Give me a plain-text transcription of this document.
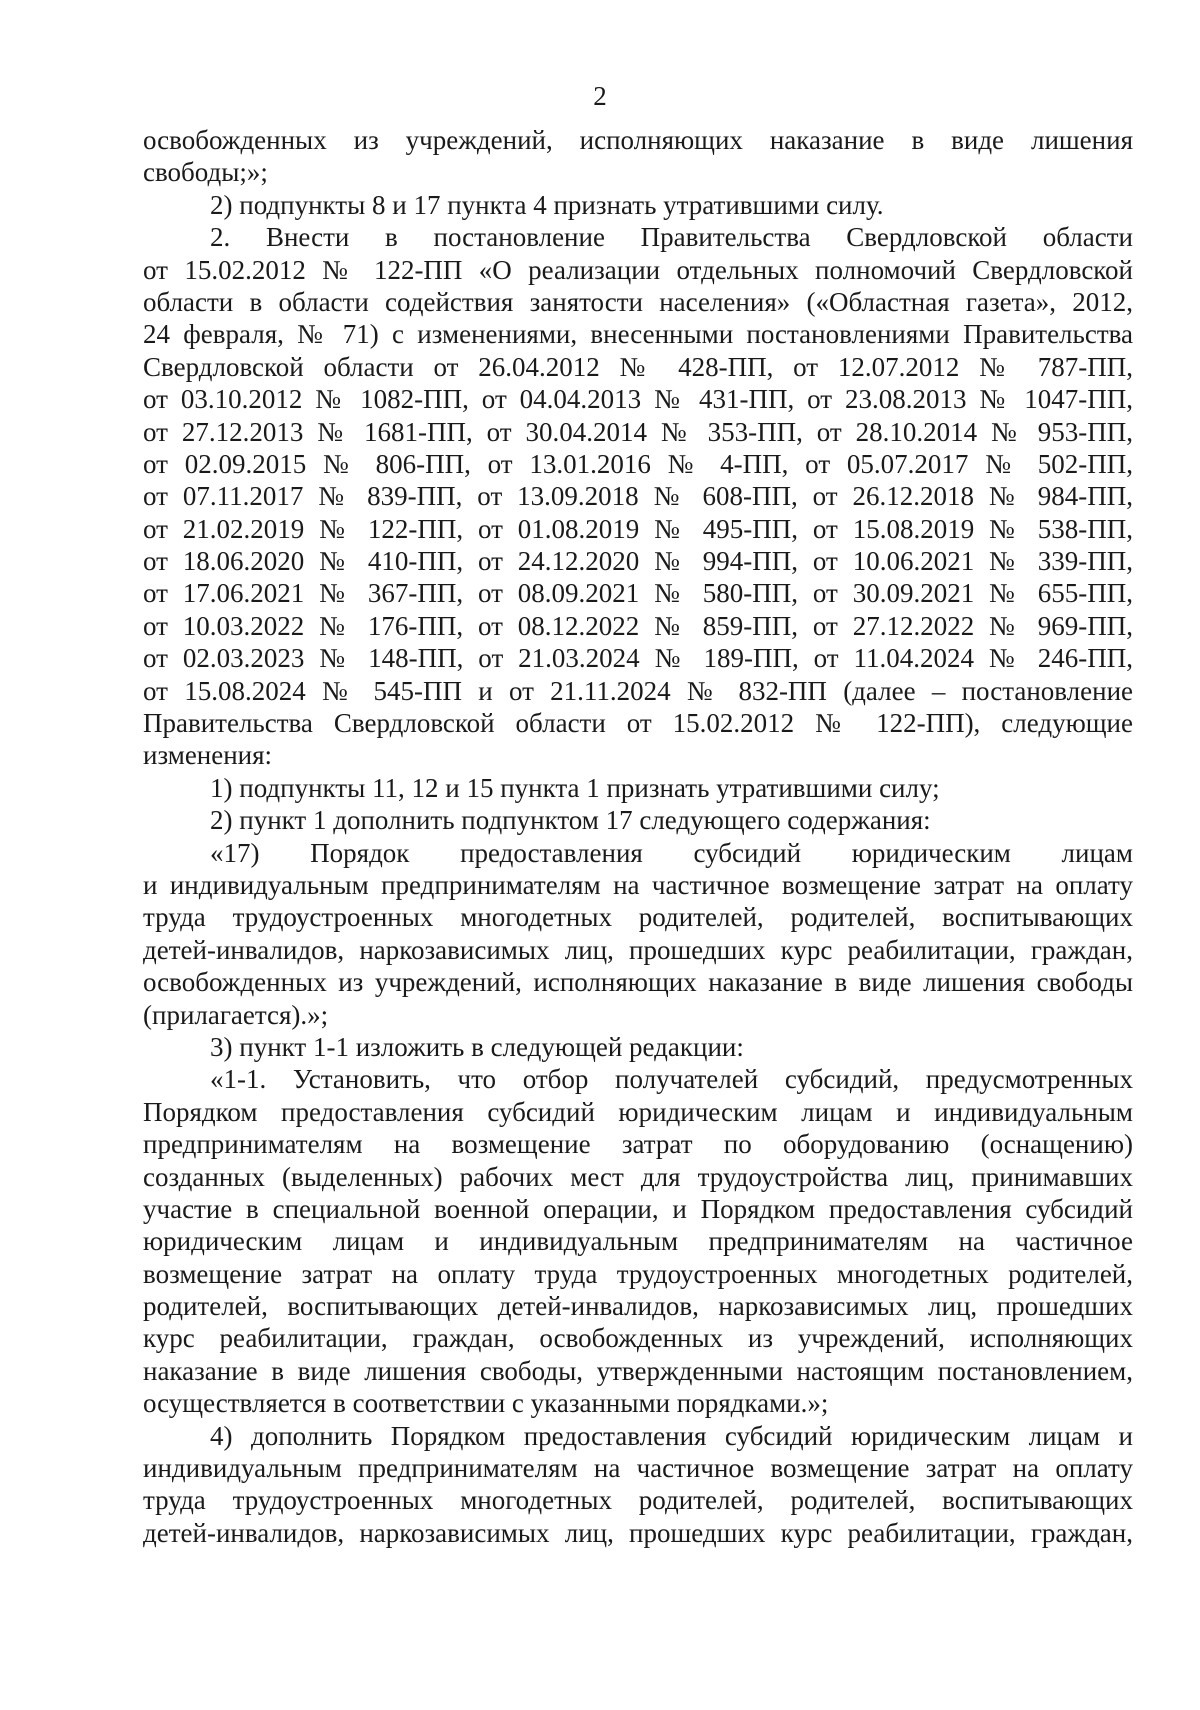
2
освобожденных из учреждений, исполняющих наказание в виде лишения
свободы;»;
2) подпункты 8 и 17 пункта 4 признать утратившими силу.
2. Внести в постановление Правительства Свердловской области
от 15.02.2012 № 122-ПП «О реализации отдельных полномочий Свердловской
области в области содействия занятости населения» («Областная газета», 2012,
24 февраля, № 71) с изменениями, внесенными постановлениями Правительства
Свердловской области от 26.04.2012 № 428-ПП, от 12.07.2012 № 787-ПП,
от 03.10.2012 № 1082-ПП, от 04.04.2013 № 431-ПП, от 23.08.2013 № 1047-ПП,
от 27.12.2013 № 1681-ПП, от 30.04.2014 № 353-ПП, от 28.10.2014 № 953-ПП,
от 02.09.2015 № 806-ПП, от 13.01.2016 № 4-ПП, от 05.07.2017 № 502-ПП,
от 07.11.2017 № 839-ПП, от 13.09.2018 № 608-ПП, от 26.12.2018 № 984-ПП,
от 21.02.2019 № 122-ПП, от 01.08.2019 № 495-ПП, от 15.08.2019 № 538-ПП,
от 18.06.2020 № 410-ПП, от 24.12.2020 № 994-ПП, от 10.06.2021 № 339-ПП,
от 17.06.2021 № 367-ПП, от 08.09.2021 № 580-ПП, от 30.09.2021 № 655-ПП,
от 10.03.2022 № 176-ПП, от 08.12.2022 № 859-ПП, от 27.12.2022 № 969-ПП,
от 02.03.2023 № 148-ПП, от 21.03.2024 № 189-ПП, от 11.04.2024 № 246-ПП,
от 15.08.2024 № 545-ПП и от 21.11.2024 № 832-ПП (далее – постановление
Правительства Свердловской области от 15.02.2012 № 122-ПП), следующие
изменения:
1) подпункты 11, 12 и 15 пункта 1 признать утратившими силу;
2) пункт 1 дополнить подпунктом 17 следующего содержания:
«17) Порядок предоставления субсидий юридическим лицам
и индивидуальным предпринимателям на частичное возмещение затрат на оплату
труда трудоустроенных многодетных родителей, родителей, воспитывающих
детей-инвалидов, наркозависимых лиц, прошедших курс реабилитации, граждан,
освобожденных из учреждений, исполняющих наказание в виде лишения свободы
(прилагается).»;
3) пункт 1-1 изложить в следующей редакции:
«1-1. Установить, что отбор получателей субсидий, предусмотренных
Порядком предоставления субсидий юридическим лицам и индивидуальным
предпринимателям на возмещение затрат по оборудованию (оснащению)
созданных (выделенных) рабочих мест для трудоустройства лиц, принимавших
участие в специальной военной операции, и Порядком предоставления субсидий
юридическим лицам и индивидуальным предпринимателям на частичное
возмещение затрат на оплату труда трудоустроенных многодетных родителей,
родителей, воспитывающих детей-инвалидов, наркозависимых лиц, прошедших
курс реабилитации, граждан, освобожденных из учреждений, исполняющих
наказание в виде лишения свободы, утвержденными настоящим постановлением,
осуществляется в соответствии с указанными порядками.»;
4) дополнить Порядком предоставления субсидий юридическим лицам и
индивидуальным предпринимателям на частичное возмещение затрат на оплату
труда трудоустроенных многодетных родителей, родителей, воспитывающих
детей-инвалидов, наркозависимых лиц, прошедших курс реабилитации, граждан,
